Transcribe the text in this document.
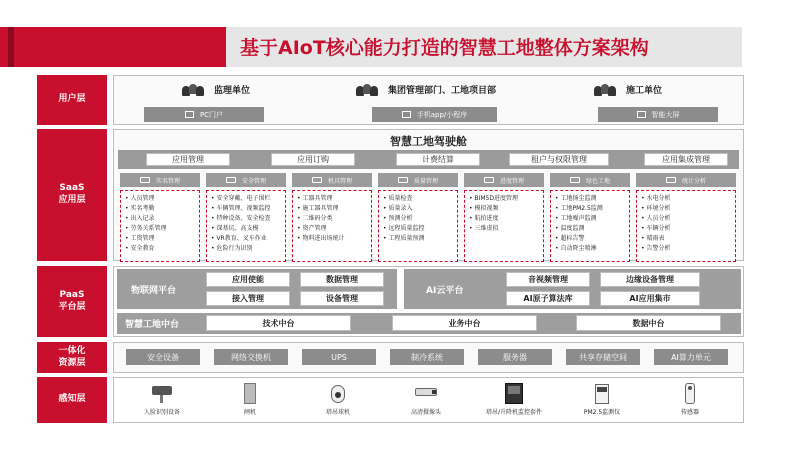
基于AIoT核心能力打造的智慧工地整体方案架构
用户层
SaaS
应用层
PaaS
平台层
一体化
资源层
感知层
监理单位	集团管理部门、工地项目部	施工单位
PC门户	手机app/小程序	智能大屏
智慧工地驾驶舱
应用管理	应用订购	计费结算	租户与权限管理	应用集成管理
实名管理
• 人员管理
• 实名考勤
• 出入记录
• 劳务关系管理
• 工资管理
• 安全教育
安全管理
• 安全穿戴、电子围栏
• 车辆管理、视频监控
• 特种设备、安全检查
• 深基坑、高支模
• VR教育、叉车作业
• 危险行为识别
机具管理
• 工器具管理
• 施工器具管理
• 二维码分类
• 资产管理
• 物料进出场统计
质量管理
• 质量检查
• 质量录入
• 预测分析
• 远程质量监控
• 工程质量预测
进度管理
• BIM5D进度管理
• 模拟视频
• 航拍进度
• 三维虚拟
绿色工地
• 工地扬尘监测
• 工地PM2.5监测
• 工地噪声监测
• 温度监测
• 超标告警
• 自动降尘喷淋
统计分析
• 水电分析
• 环境分析
• 人员分析
• 车辆分析
• 晴雨表
• 告警分析
物联网平台
应用使能	数据管理
接入管理	设备管理
AI云平台
音视频管理	边缘设备管理
AI原子算法库	AI应用集市
智慧工地中台	技术中台	业务中台	数据中台
安全设备	网络交换机	UPS	制冷系统	服务器	共享存储空间	AI算力单元
人脸识别设备	闸机	塔吊球机	高清摄像头	塔吊/升降机监控套件	PM2.5监测仪	传感器
